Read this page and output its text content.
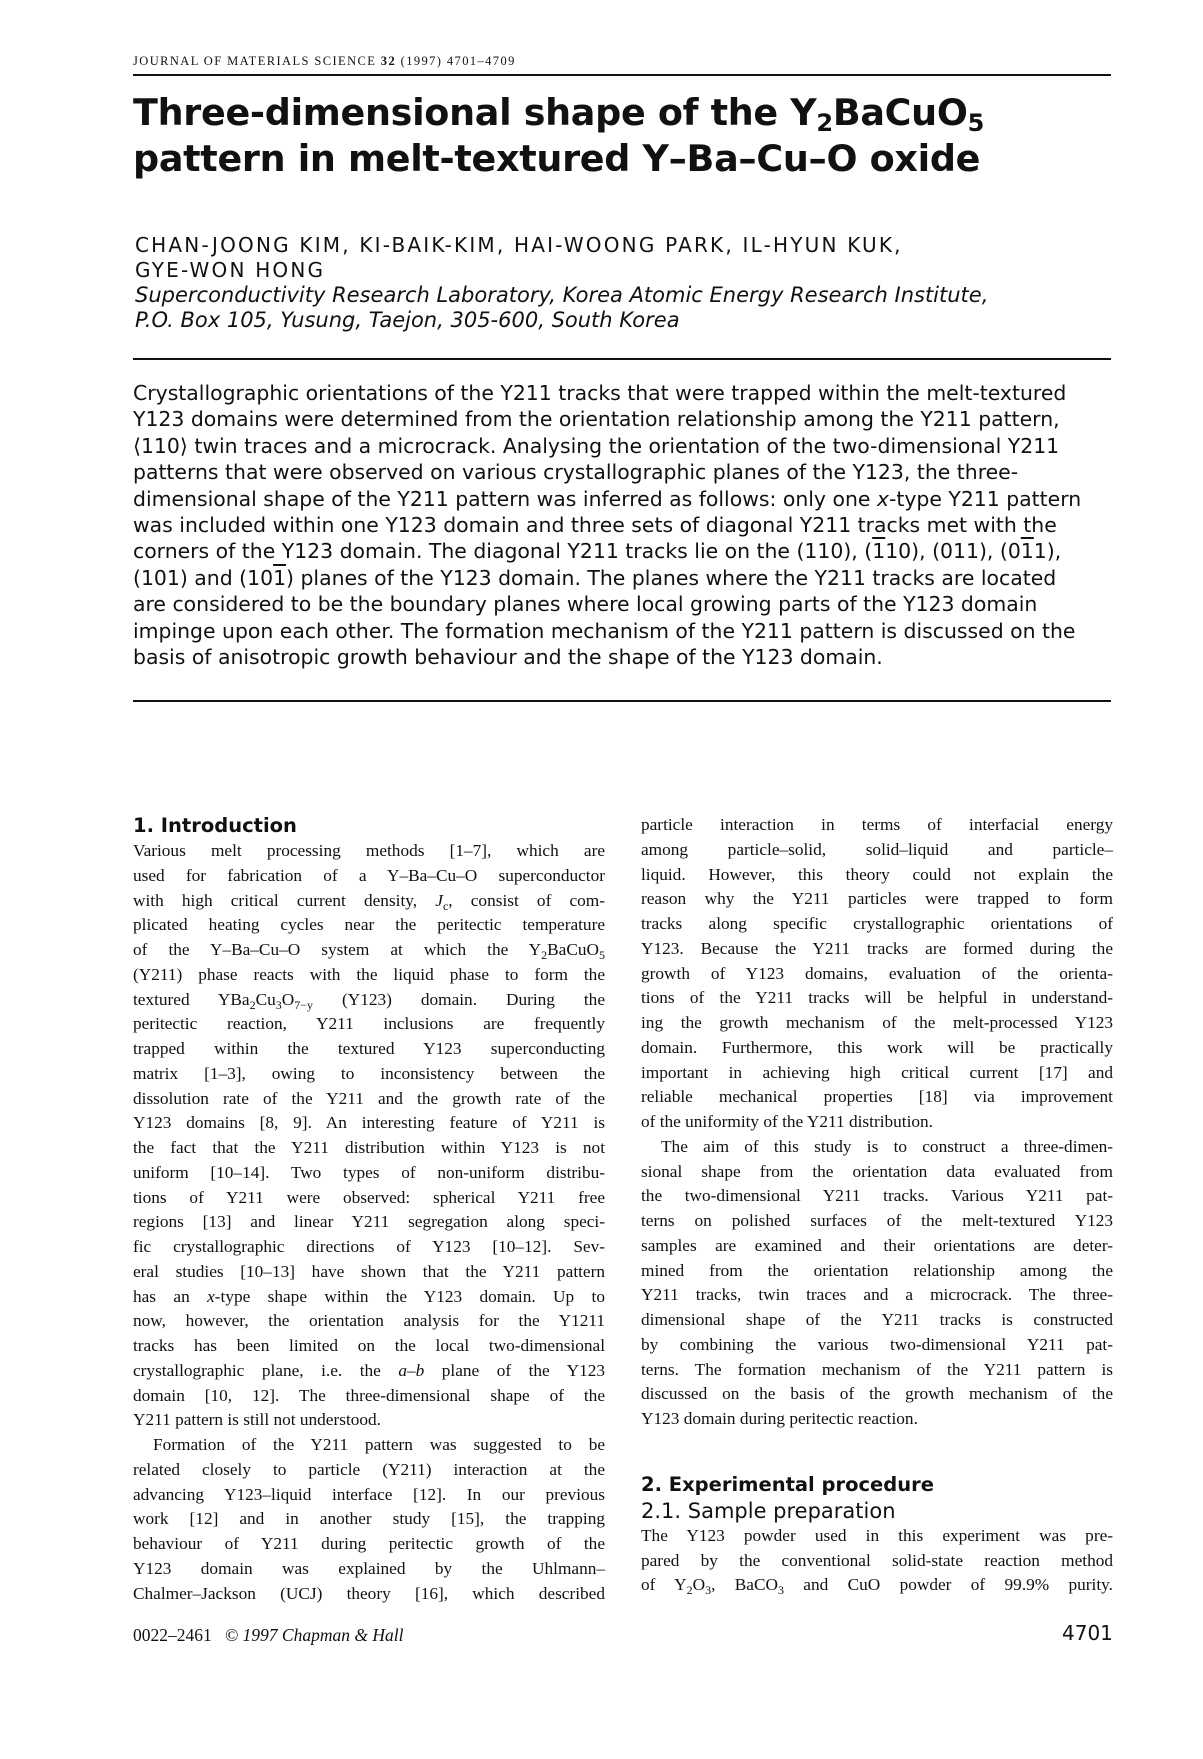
JOURNAL OF MATERIALS SCIENCE 32 (1997) 4701–4709
Three-dimensional shape of the $Y_2BaCuO_5$
pattern in melt-textured Y–Ba–Cu–O oxide
CHAN-JOONG KIM, KI-BAIK-KIM, HAI-WOONG PARK, IL-HYUN KUK,
GYE-WON HONG
Superconductivity Research Laboratory, Korea Atomic Energy Research Institute,
P.O. Box 105, Yusung, Taejon, 305-600, South Korea
Crystallographic orientations of the Y211 tracks that were trapped within the melt-textured
Y123 domains were determined from the orientation relationship among the Y211 pattern,
⟨110⟩ twin traces and a microcrack. Analysing the orientation of the two-dimensional Y211
patterns that were observed on various crystallographic planes of the Y123, the three-
dimensional shape of the Y211 pattern was inferred as follows: only one x-type Y211 pattern
was included within one Y123 domain and three sets of diagonal Y211 tracks met with the
corners of the Y123 domain. The diagonal Y211 tracks lie on the (110), (110), (011), (011),
(101) and (101) planes of the Y123 domain. The planes where the Y211 tracks are located
are considered to be the boundary planes where local growing parts of the Y123 domain
impinge upon each other. The formation mechanism of the Y211 pattern is discussed on the
basis of anisotropic growth behaviour and the shape of the Y123 domain.
1. Introduction
Various melt processing methods [1–7], which are
used for fabrication of a Y–Ba–Cu–O superconductor
with high critical current density, $J_c$, consist of com-
plicated heating cycles near the peritectic temperature
of the Y–Ba–Cu–O system at which the $Y_2BaCuO_5$
(Y211) phase reacts with the liquid phase to form the
textured $YBa_2Cu_3O_{7-y}$ (Y123) domain. During the
peritectic reaction, Y211 inclusions are frequently
trapped within the textured Y123 superconducting
matrix [1–3], owing to inconsistency between the
dissolution rate of the Y211 and the growth rate of the
Y123 domains [8, 9]. An interesting feature of Y211 is
the fact that the Y211 distribution within Y123 is not
uniform [10–14]. Two types of non-uniform distribu-
tions of Y211 were observed: spherical Y211 free
regions [13] and linear Y211 segregation along speci-
fic crystallographic directions of Y123 [10–12]. Sev-
eral studies [10–13] have shown that the Y211 pattern
has an x-type shape within the Y123 domain. Up to
now, however, the orientation analysis for the Y1211
tracks has been limited on the local two-dimensional
crystallographic plane, i.e. the a–b plane of the Y123
domain [10, 12]. The three-dimensional shape of the
Y211 pattern is still not understood.
Formation of the Y211 pattern was suggested to be
related closely to particle (Y211) interaction at the
advancing Y123–liquid interface [12]. In our previous
work [12] and in another study [15], the trapping
behaviour of Y211 during peritectic growth of the
Y123 domain was explained by the Uhlmann–
Chalmer–Jackson (UCJ) theory [16], which described
particle interaction in terms of interfacial energy
among particle–solid, solid–liquid and particle–
liquid. However, this theory could not explain the
reason why the Y211 particles were trapped to form
tracks along specific crystallographic orientations of
Y123. Because the Y211 tracks are formed during the
growth of Y123 domains, evaluation of the orienta-
tions of the Y211 tracks will be helpful in understand-
ing the growth mechanism of the melt-processed Y123
domain. Furthermore, this work will be practically
important in achieving high critical current [17] and
reliable mechanical properties [18] via improvement
of the uniformity of the Y211 distribution.
The aim of this study is to construct a three-dimen-
sional shape from the orientation data evaluated from
the two-dimensional Y211 tracks. Various Y211 pat-
terns on polished surfaces of the melt-textured Y123
samples are examined and their orientations are deter-
mined from the orientation relationship among the
Y211 tracks, twin traces and a microcrack. The three-
dimensional shape of the Y211 tracks is constructed
by combining the various two-dimensional Y211 pat-
terns. The formation mechanism of the Y211 pattern is
discussed on the basis of the growth mechanism of the
Y123 domain during peritectic reaction.
2. Experimental procedure
2.1. Sample preparation
The Y123 powder used in this experiment was pre-
pared by the conventional solid-state reaction method
of $Y_2O_3$, BaCO$_3$ and CuO powder of 99.9% purity.
0022–2461 © 1997 Chapman & Hall	4701
